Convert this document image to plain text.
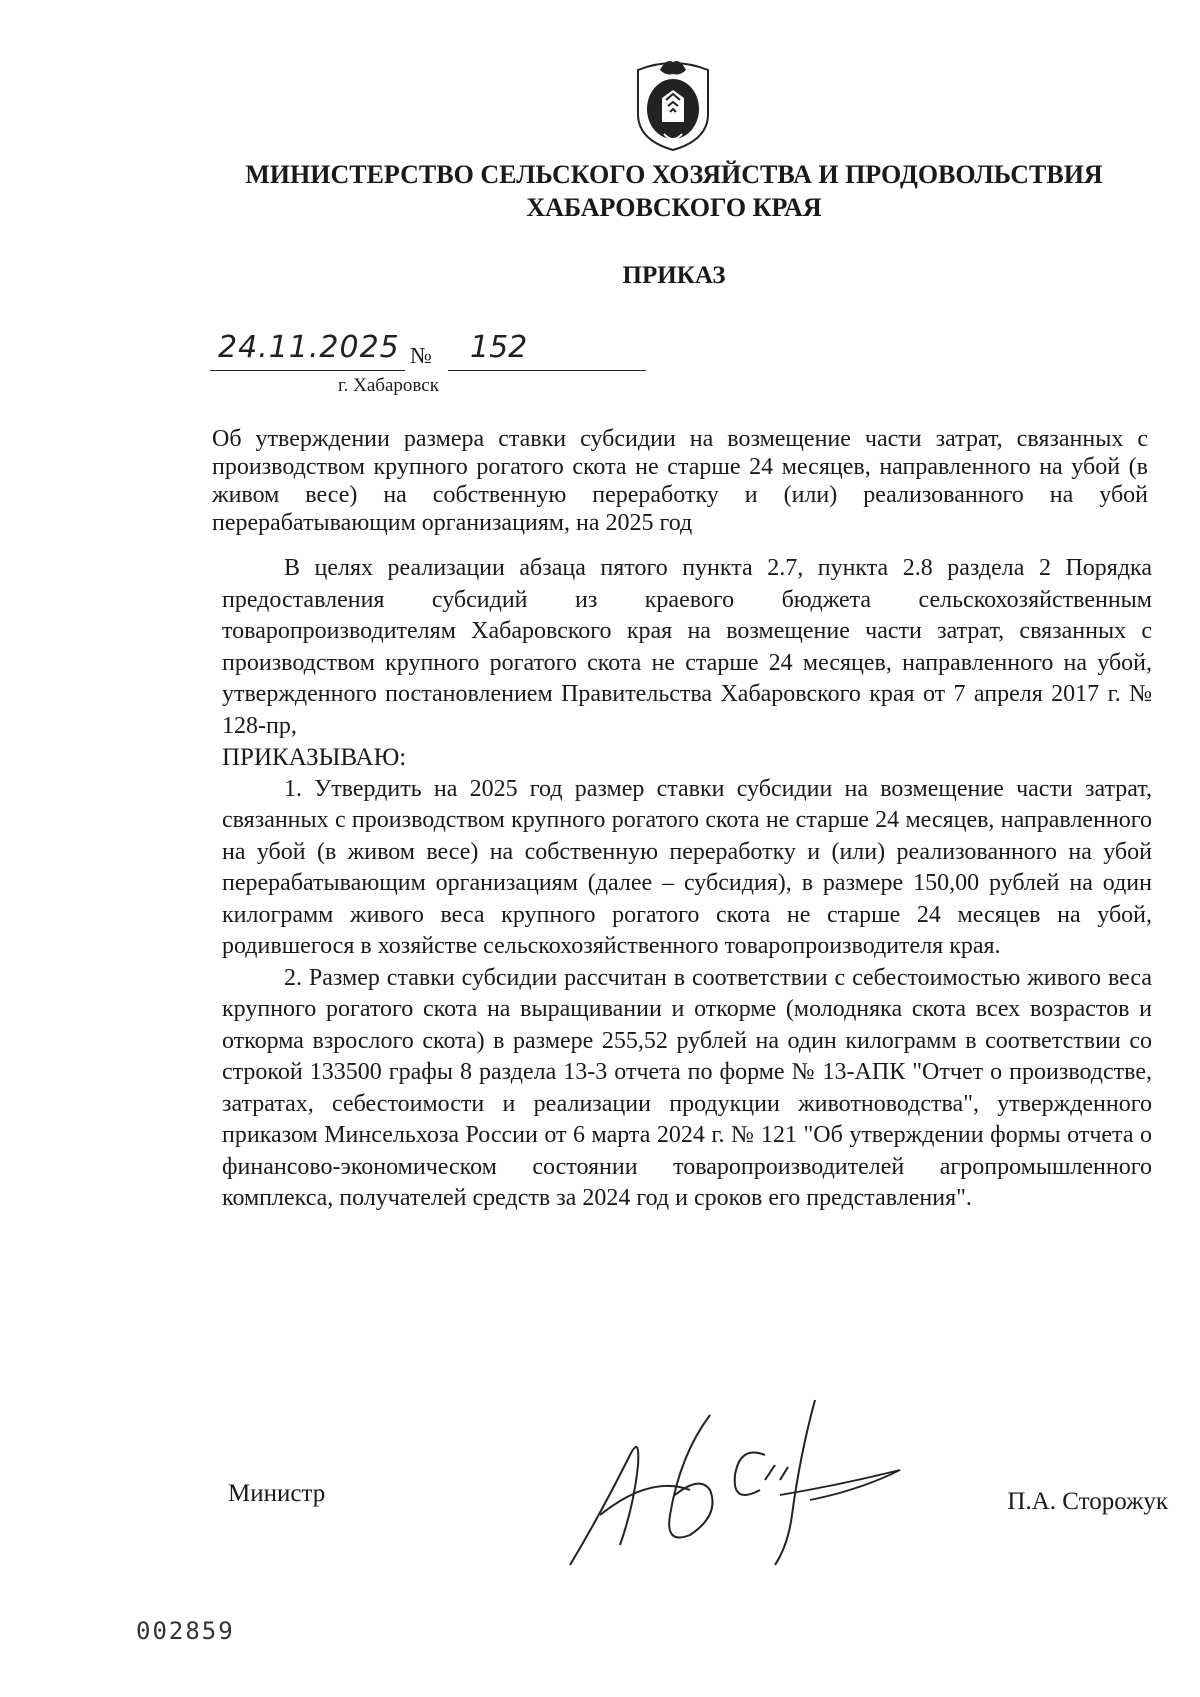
МИНИСТЕРСТВО СЕЛЬСКОГО ХОЗЯЙСТВА И ПРОДОВОЛЬСТВИЯ
ХАБАРОВСКОГО КРАЯ
ПРИКАЗ
24.11.2025 № 152
г. Хабаровск
Об утверждении размера ставки субсидии на возмещение части затрат, связанных с производством крупного рогатого скота не старше 24 месяцев, направленного на убой (в живом весе) на собственную переработку и (или) реализованного на убой перерабатывающим организациям, на 2025 год

В целях реализации абзаца пятого пункта 2.7, пункта 2.8 раздела 2 Порядка предоставления субсидий из краевого бюджета сельскохозяйственным товаропроизводителям Хабаровского края на возмещение части затрат, связанных с производством крупного рогатого скота не старше 24 месяцев, направленного на убой, утвержденного постановлением Правительства Хабаровского края от 7 апреля 2017 г. № 128-пр,

ПРИКАЗЫВАЮ:

1. Утвердить на 2025 год размер ставки субсидии на возмещение части затрат, связанных с производством крупного рогатого скота не старше 24 месяцев, направленного на убой (в живом весе) на собственную переработку и (или) реализованного на убой перерабатывающим организациям (далее – субсидия), в размере 150,00 рублей на один килограмм живого веса крупного рогатого скота не старше 24 месяцев на убой, родившегося в хозяйстве сельскохозяйственного товаропроизводителя края.

2. Размер ставки субсидии рассчитан в соответствии с себестоимостью живого веса крупного рогатого скота на выращивании и откорме (молодняка скота всех возрастов и откорма взрослого скота) в размере 255,52 рублей на один килограмм в соответствии со строкой 133500 графы 8 раздела 13-3 отчета по форме № 13-АПК "Отчет о производстве, затратах, себестоимости и реализации продукции животноводства", утвержденного приказом Минсельхоза России от 6 марта 2024 г. № 121 "Об утверждении формы отчета о финансово-экономическом состоянии товаропроизводителей агропромышленного комплекса, получателей средств за 2024 год и сроков его представления".

Министр	П.А. Сторожук
002859
